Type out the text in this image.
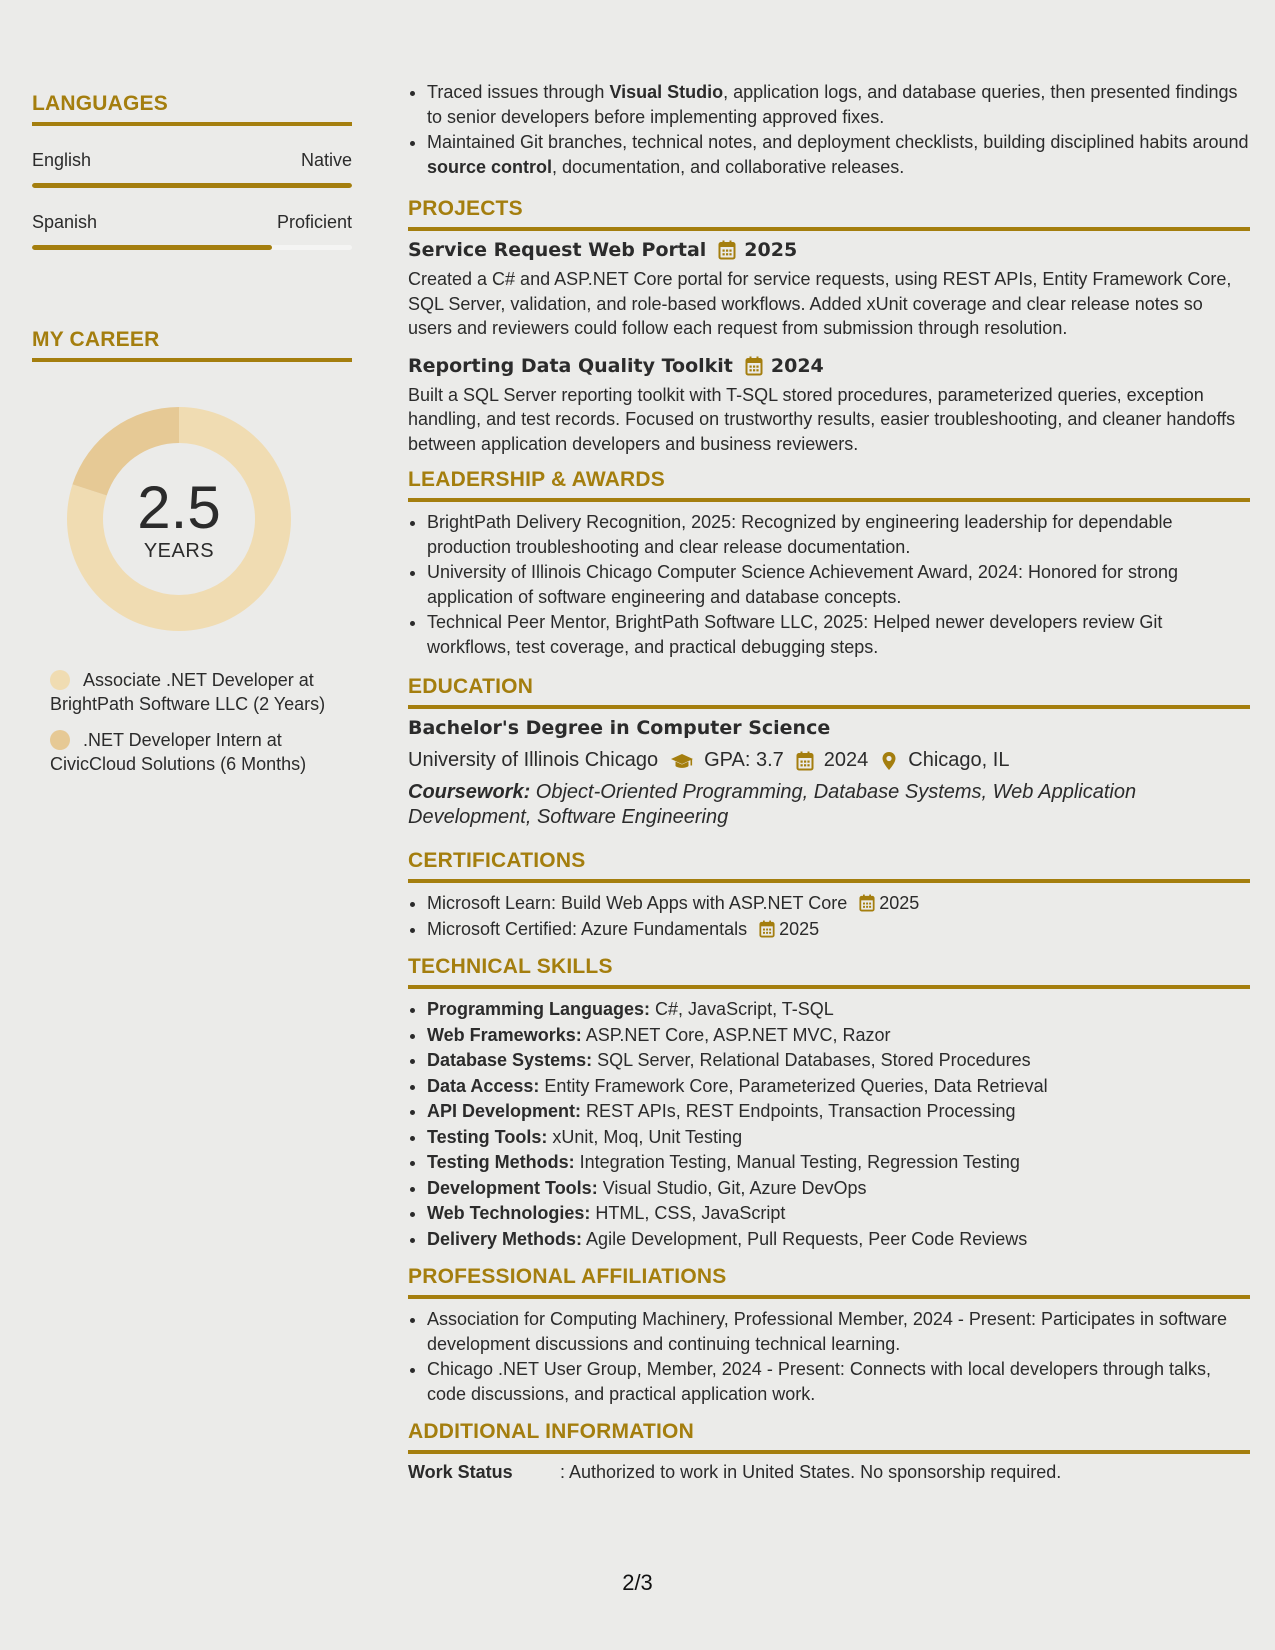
LANGUAGES
English	Native
Spanish	Proficient
MY CAREER
2.5
YEARS
Associate .NET Developer at BrightPath Software LLC (2 Years)
.NET Developer Intern at CivicCloud Solutions (6 Months)
• Traced issues through Visual Studio, application logs, and database queries, then presented findings to senior developers before implementing approved fixes.
• Maintained Git branches, technical notes, and deployment checklists, building disciplined habits around source control, documentation, and collaborative releases.
PROJECTS
Service Request Web Portal 2025
Created a C# and ASP.NET Core portal for service requests, using REST APIs, Entity Framework Core, SQL Server, validation, and role-based workflows. Added xUnit coverage and clear release notes so users and reviewers could follow each request from submission through resolution.
Reporting Data Quality Toolkit 2024
Built a SQL Server reporting toolkit with T-SQL stored procedures, parameterized queries, exception handling, and test records. Focused on trustworthy results, easier troubleshooting, and cleaner handoffs between application developers and business reviewers.
LEADERSHIP & AWARDS
• BrightPath Delivery Recognition, 2025: Recognized by engineering leadership for dependable production troubleshooting and clear release documentation.
• University of Illinois Chicago Computer Science Achievement Award, 2024: Honored for strong application of software engineering and database concepts.
• Technical Peer Mentor, BrightPath Software LLC, 2025: Helped newer developers review Git workflows, test coverage, and practical debugging steps.
EDUCATION
Bachelor's Degree in Computer Science
University of Illinois Chicago GPA: 3.7 2024 Chicago, IL
Coursework: Object-Oriented Programming, Database Systems, Web Application Development, Software Engineering
CERTIFICATIONS
• Microsoft Learn: Build Web Apps with ASP.NET Core 2025
• Microsoft Certified: Azure Fundamentals 2025
TECHNICAL SKILLS
• Programming Languages: C#, JavaScript, T-SQL
• Web Frameworks: ASP.NET Core, ASP.NET MVC, Razor
• Database Systems: SQL Server, Relational Databases, Stored Procedures
• Data Access: Entity Framework Core, Parameterized Queries, Data Retrieval
• API Development: REST APIs, REST Endpoints, Transaction Processing
• Testing Tools: xUnit, Moq, Unit Testing
• Testing Methods: Integration Testing, Manual Testing, Regression Testing
• Development Tools: Visual Studio, Git, Azure DevOps
• Web Technologies: HTML, CSS, JavaScript
• Delivery Methods: Agile Development, Pull Requests, Peer Code Reviews
PROFESSIONAL AFFILIATIONS
• Association for Computing Machinery, Professional Member, 2024 - Present: Participates in software development discussions and continuing technical learning.
• Chicago .NET User Group, Member, 2024 - Present: Connects with local developers through talks, code discussions, and practical application work.
ADDITIONAL INFORMATION
Work Status	: Authorized to work in United States. No sponsorship required.
2/3
